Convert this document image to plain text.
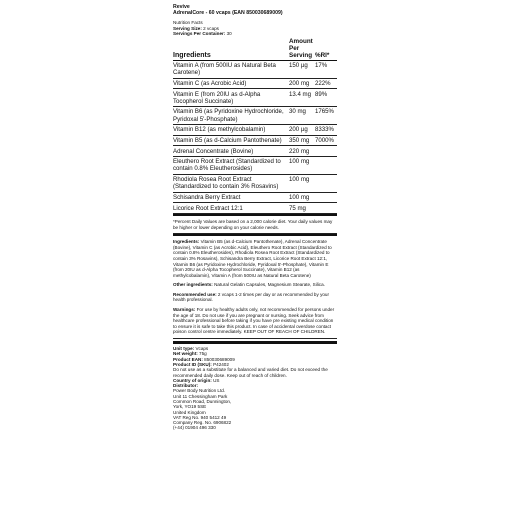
Revive
AdrenalCore - 60 vcaps (EAN 850030689009)
Nutrition Facts
Serving Size: 2 vcaps
Servings Per Container: 30
Ingredients	Amount Per Serving	%RI*
Vitamin A (from 500IU as Natural Beta Carotene)	150 µg	17%
Vitamin C (as Acrobic Acid)	200 mg	222%
Vitamin E (from 20IU as d-Alpha Tocopherol Succinate)	13.4 mg	89%
Vitamin B6 (as Pyridoxine Hydrochloride, Pyridoxal 5'-Phosphate)	30 mg	1765%
Vitamin B12 (as methylcobalamin)	200 µg	8333%
Vitamin B5 (as d-Calcium Pantothenate)	350 mg	7000%
Adrenal Concentrate (Bovine)	220 mg	
Eleuthero Root Extract (Standardized to contain 0.8% Eleutherosides)	100 mg	
Rhodiola Rosea Root Extract (Standardized to contain 3% Rosavins)	100 mg	
Schisandra Berry Extract	100 mg	
Licorice Root Extract 12:1	75 mg	

*Percent Daily Values are based on a 2,000 calorie diet. Your daily values may be higher or lower depending on your calorie needs.

Ingredients: Vitamin B5 (as d-Calcium Pantothenate), Adrenal Concentrate (Bovine), Vitamin C (as Acrobic Acid), Eleuthero Root Extract (Standardized to contain 0.8% Eleutherosides), Rhodiola Rosea Root Extract (Standardized to contain 3% Rosavins), Schisandra Berry Extract, Licorice Root Extract 12:1, Vitamin B6 (as Pyridoxine Hydrochloride, Pyridoxal 5'-Phosphate), Vitamin E (from 20IU as d-Alpha Tocopherol Succinate), Vitamin B12 (as methylcobalamin), Vitamin A (from 500IU as Natural Beta Carotene)

Other ingredients: Natural Gelatin Capsules, Magnesium Stearate, Silica.

Recommended use: 2 vcaps 1-2 times per day or as recommended by your health professional.

Warnings: For use by healthy adults only, not recommended for persons under the age of 18. Do not use if you are pregnant or nursing. Seek advice from healthcare professional before taking if you have pre existing medical condition to ensure it is safe to take this product. In case of accidental overdose contact poison control centre immediately. KEEP OUT OF REACH OF CHILDREN.

Unit type: Vcaps
Net weight: 75g
Product EAN: 850030689009
Product ID (SKU): P42402
Do not use as a substitute for a balanced and varied diet. Do not exceed the recommended daily dose. Keep out of reach of children.
Country of origin: US
Distributor:
Power Body Nutrition Ltd.
Unit 11 Chessingham Park
Common Road, Dunnington,
York, YO19 5SE
United Kingdom
VAT Reg No. 940 5412 49
Company Reg. No. 6906822
(+44) 01904 496 330
